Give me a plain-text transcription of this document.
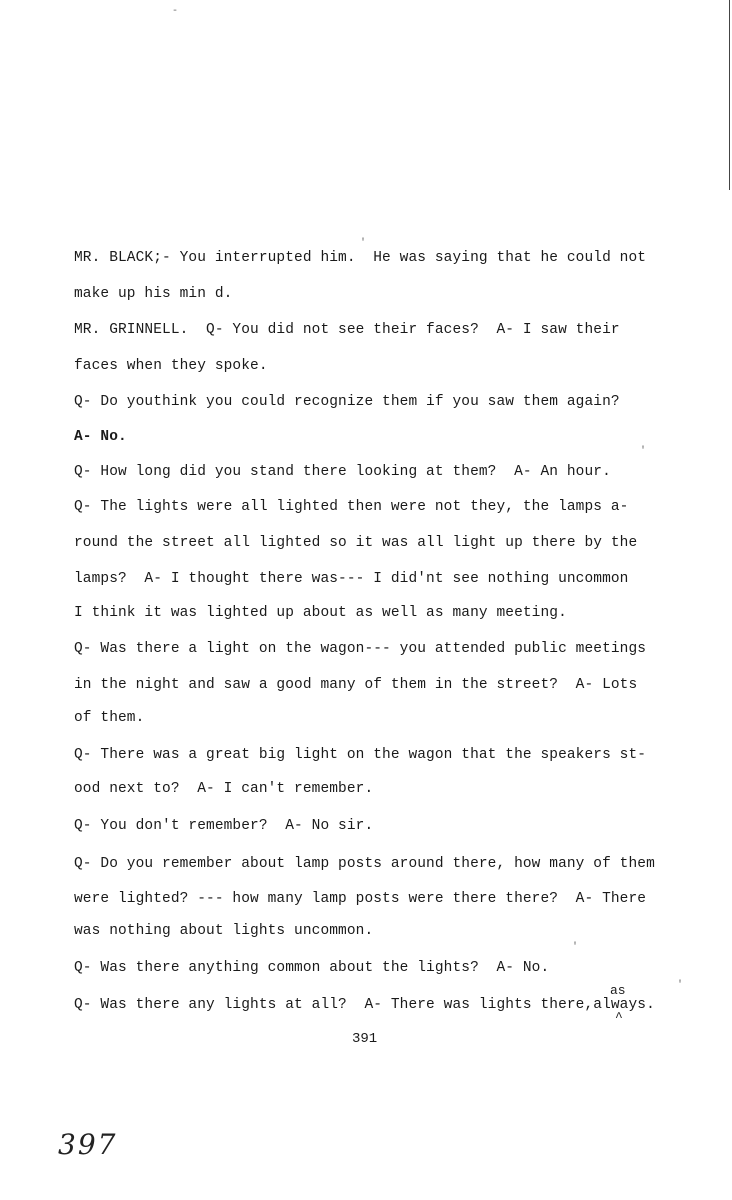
MR. BLACK;- You interrupted him.  He was saying that he could not
make up his min d.
MR. GRINNELL.  Q- You did not see their faces?  A- I saw their
faces when they spoke.
Q- Do youthink you could recognize them if you saw them again?
A- No.
Q- How long did you stand there looking at them?  A- An hour.
Q- The lights were all lighted then were not they, the lamps a-
round the street all lighted so it was all light up there by the
lamps?  A- I thought there was--- I did'nt see nothing uncommon
I think it was lighted up about as well as many meeting.
Q- Was there a light on the wagon--- you attended public meetings
in the night and saw a good many of them in the street?  A- Lots
of them.
Q- There was a great big light on the wagon that the speakers st-
ood next to?  A- I can't remember.
Q- You don't remember?  A- No sir.
Q- Do you remember about lamp posts around there, how many of them
were lighted? --- how many lamp posts were there there?  A- There
was nothing about lights uncommon.
Q- Was there anything common about the lights?  A- No.
Q- Was there any lights at all?  A- There was lights there,always.
as
^
391
397
-
'
'
'
'
